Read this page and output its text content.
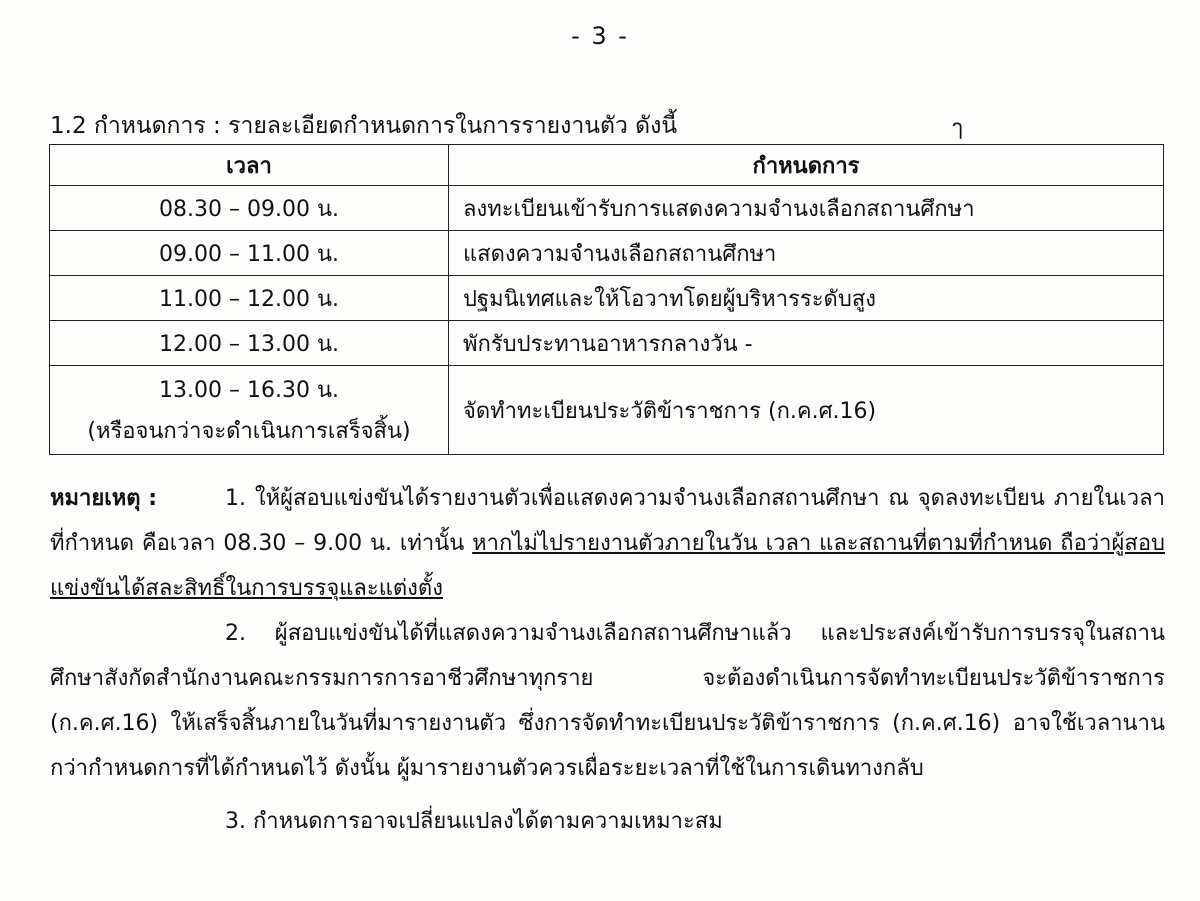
- 3 -
1.2 กำหนดการ : รายละเอียดกำหนดการในการรายงานตัว ดังนี้	ๅ
เวลา	กำหนดการ
08.30 – 09.00 น.	ลงทะเบียนเข้ารับการแสดงความจำนงเลือกสถานศึกษา
09.00 – 11.00 น.	แสดงความจำนงเลือกสถานศึกษา
11.00 – 12.00 น.	ปฐมนิเทศและให้โอวาทโดยผู้บริหารระดับสูง
12.00 – 13.00 น.	พักรับประทานอาหารกลางวัน -
13.00 – 16.30 น.
(หรือจนกว่าจะดำเนินการเสร็จสิ้น)	จัดทำทะเบียนประวัติข้าราชการ (ก.ค.ศ.16)

หมายเหตุ :	1. ให้ผู้สอบแข่งขันได้รายงานตัวเพื่อแสดงความจำนงเลือกสถานศึกษา ณ จุดลงทะเบียน ภายในเวลาที่กำหนด คือเวลา 08.30 – 9.00 น. เท่านั้น หากไม่ไปรายงานตัวภายในวัน เวลา และสถานที่ตามที่กำหนด ถือว่าผู้สอบแข่งขันได้สละสิทธิ์ในการบรรจุและแต่งตั้ง

2. ผู้สอบแข่งขันได้ที่แสดงความจำนงเลือกสถานศึกษาแล้ว และประสงค์เข้ารับการบรรจุในสถานศึกษาสังกัดสำนักงานคณะกรรมการการอาชีวศึกษาทุกราย จะต้องดำเนินการจัดทำทะเบียนประวัติข้าราชการ (ก.ค.ศ.16) ให้เสร็จสิ้นภายในวันที่มารายงานตัว ซึ่งการจัดทำทะเบียนประวัติข้าราชการ (ก.ค.ศ.16) อาจใช้เวลานานกว่ากำหนดการที่ได้กำหนดไว้ ดังนั้น ผู้มารายงานตัวควรเผื่อระยะเวลาที่ใช้ในการเดินทางกลับ

3. กำหนดการอาจเปลี่ยนแปลงได้ตามความเหมาะสม
